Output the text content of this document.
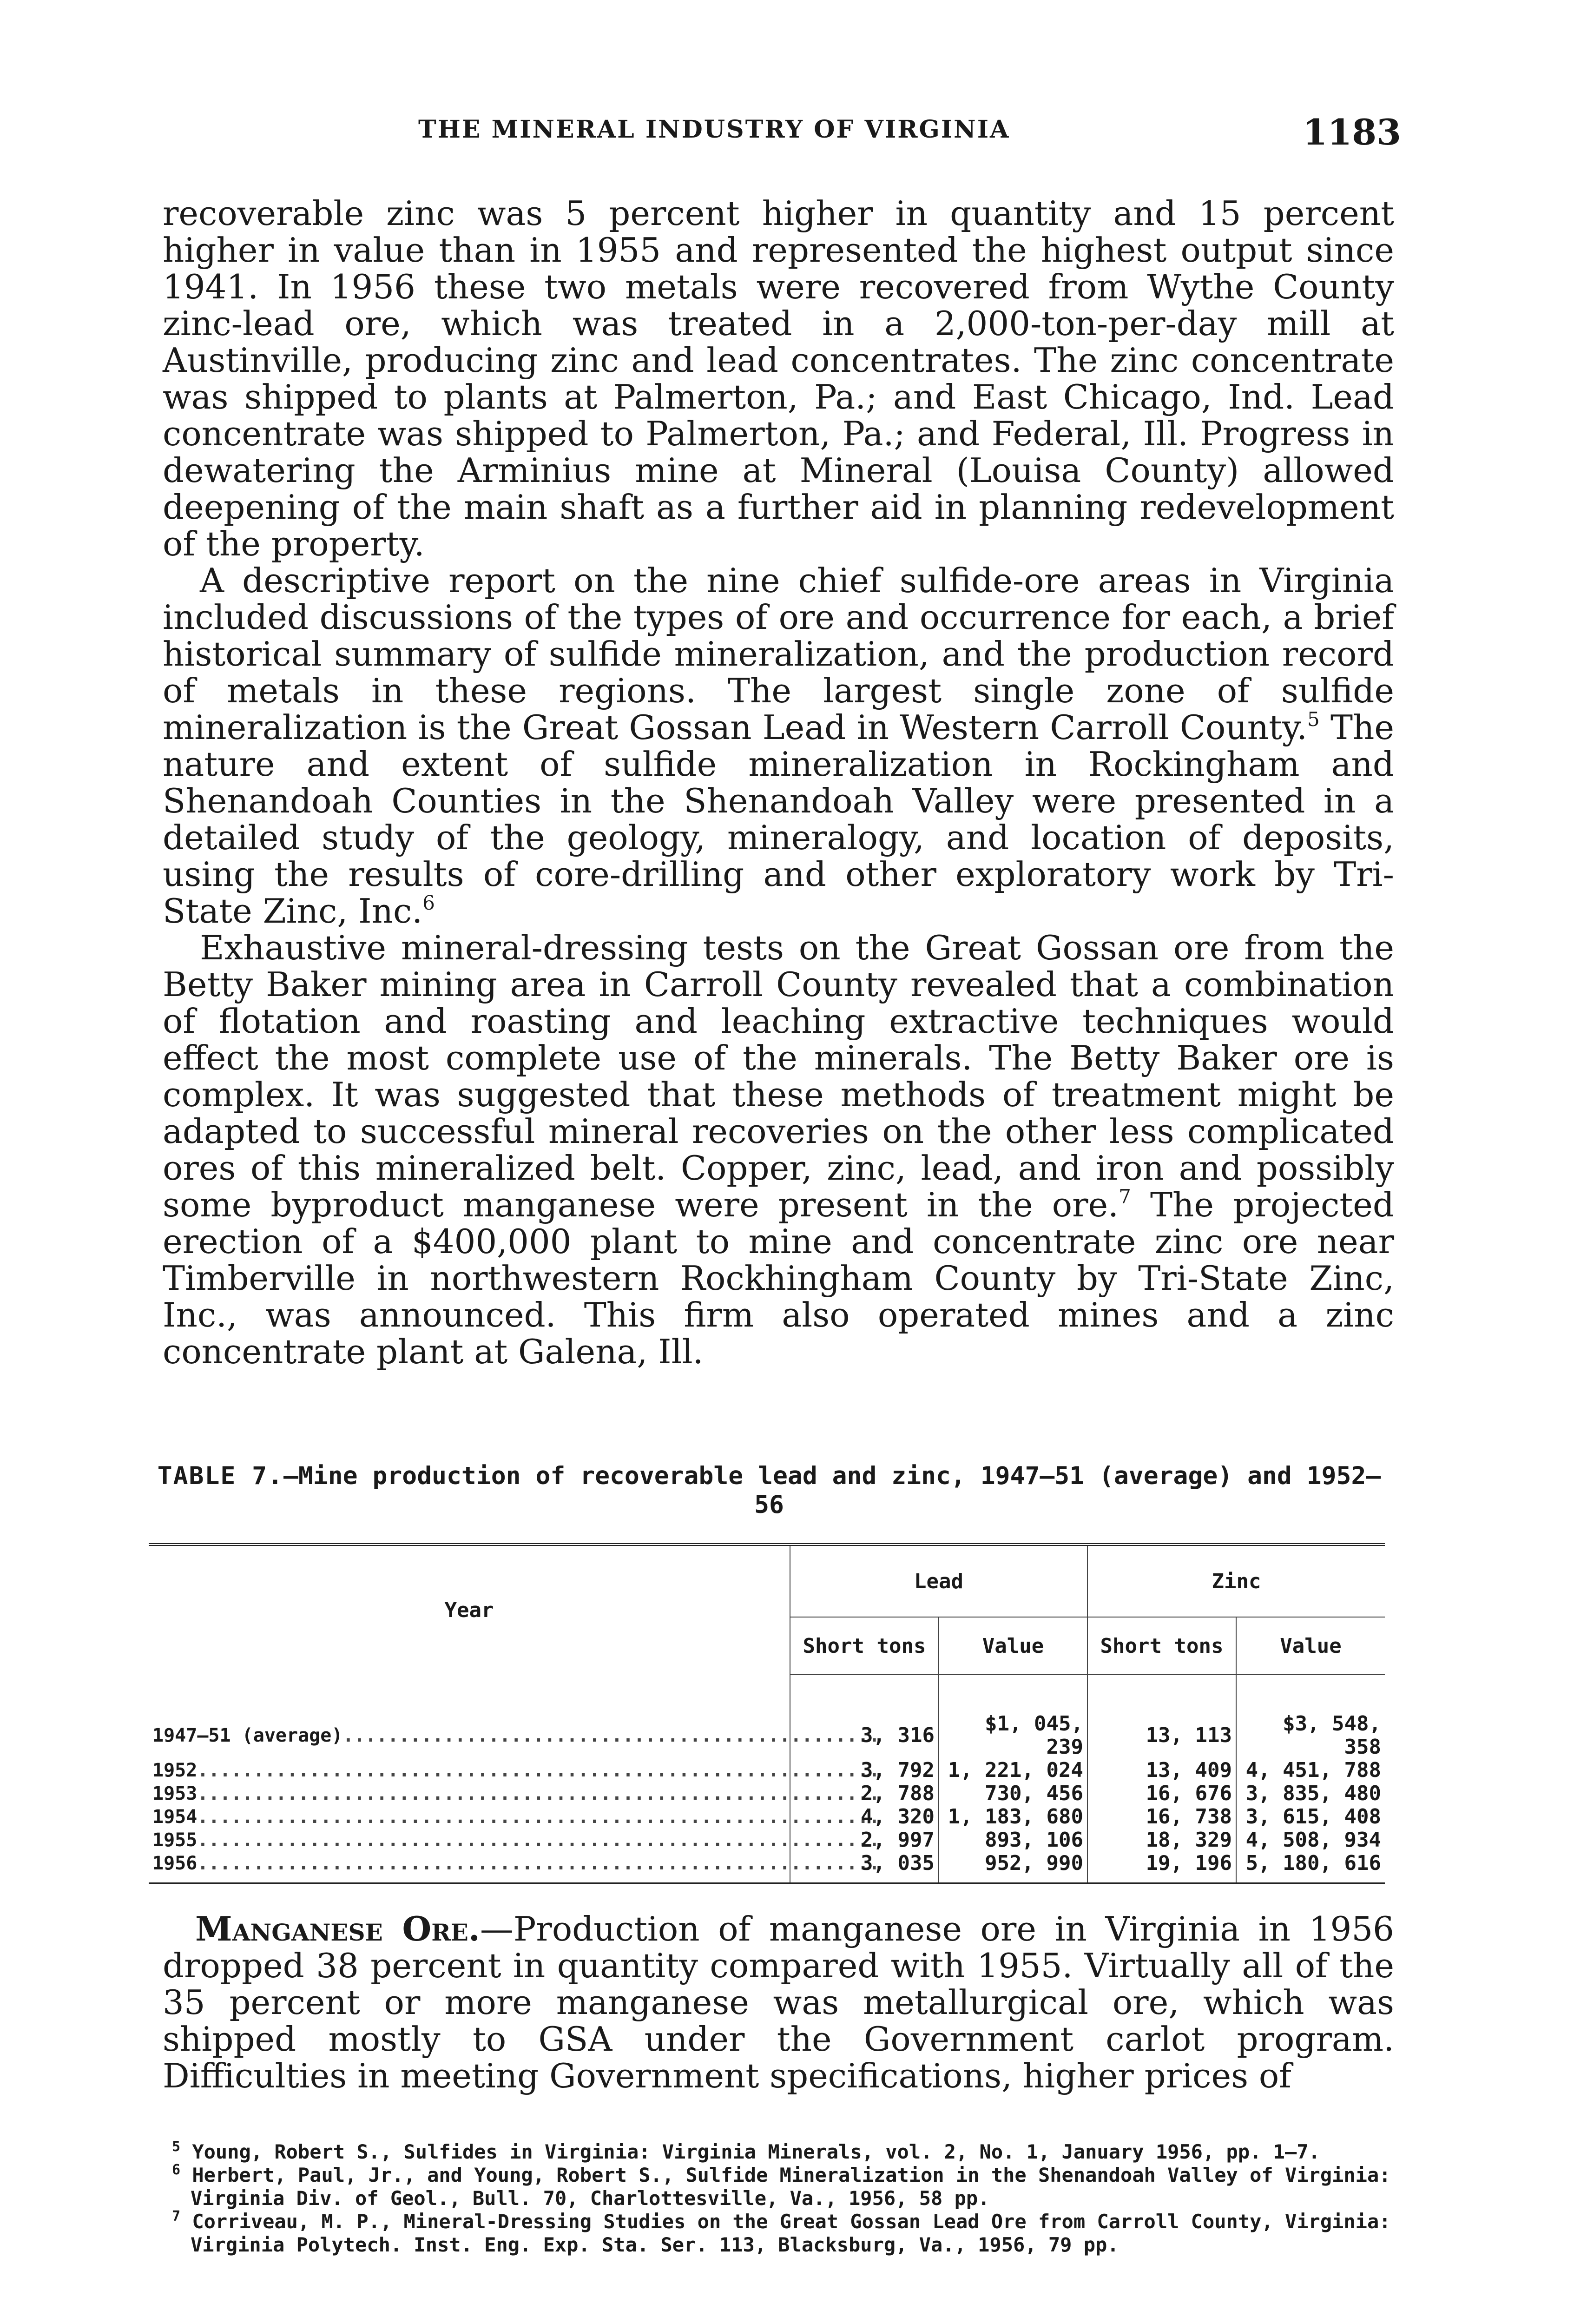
THE MINERAL INDUSTRY OF VIRGINIA	1183

recoverable zinc was 5 percent higher in quantity and 15 percent higher in value than in 1955 and represented the highest output since 1941. In 1956 these two metals were recovered from Wythe County zinc-lead ore, which was treated in a 2,000-ton-per-day mill at Austinville, producing zinc and lead concentrates. The zinc concentrate was shipped to plants at Palmerton, Pa.; and East Chicago, Ind. Lead concentrate was shipped to Palmerton, Pa.; and Federal, Ill. Progress in dewatering the Arminius mine at Mineral (Louisa County) allowed deepening of the main shaft as a further aid in planning redevelopment of the property.

A descriptive report on the nine chief sulfide-ore areas in Virginia included discussions of the types of ore and occurrence for each, a brief historical summary of sulfide mineralization, and the production record of metals in these regions. The largest single zone of sulfide mineralization is the Great Gossan Lead in Western Carroll County.$^5$ The nature and extent of sulfide mineralization in Rockingham and Shenandoah Counties in the Shenandoah Valley were presented in a detailed study of the geology, mineralogy, and location of deposits, using the results of core-drilling and other exploratory work by Tri-State Zinc, Inc.$^6$

Exhaustive mineral-dressing tests on the Great Gossan ore from the Betty Baker mining area in Carroll County revealed that a combination of flotation and roasting and leaching extractive techniques would effect the most complete use of the minerals. The Betty Baker ore is complex. It was suggested that these methods of treatment might be adapted to successful mineral recoveries on the other less complicated ores of this mineralized belt. Copper, zinc, lead, and iron and possibly some byproduct manganese were present in the ore.$^7$ The projected erection of a $400,000 plant to mine and concentrate zinc ore near Timberville in northwestern Rockhingham County by Tri-State Zinc, Inc., was announced. This firm also operated mines and a zinc concentrate plant at Galena, Ill.

TABLE 7.—Mine production of recoverable lead and zinc, 1947–51 (average) and 1952–56
Year	Lead		Zinc	
	Short tons	Value	Short tons	Value
1947–51 (average)................................................	3, 316	$1, 045, 239	13, 113	$3, 548, 358
1952.............................................................	3, 792	1, 221, 024	13, 409	4, 451, 788
1953.............................................................	2, 788	730, 456	16, 676	3, 835, 480
1954.............................................................	4, 320	1, 183, 680	16, 738	3, 615, 408
1955.............................................................	2, 997	893, 106	18, 329	4, 508, 934
1956.............................................................	3, 035	952, 990	19, 196	5, 180, 616

Manganese Ore.—Production of manganese ore in Virginia in 1956 dropped 38 percent in quantity compared with 1955. Virtually all of the 35 percent or more manganese was metallurgical ore, which was shipped mostly to GSA under the Government carlot program. Difficulties in meeting Government specifications, higher prices of

$^5$ Young, Robert S., Sulfides in Virginia: Virginia Minerals, vol. 2, No. 1, January 1956, pp. 1–7.

$^6$ Herbert, Paul, Jr., and Young, Robert S., Sulfide Mineralization in the Shenandoah Valley of Virginia: Virginia Div. of Geol., Bull. 70, Charlottesville, Va., 1956, 58 pp.

$^7$ Corriveau, M. P., Mineral-Dressing Studies on the Great Gossan Lead Ore from Carroll County, Virginia: Virginia Polytech. Inst. Eng. Exp. Sta. Ser. 113, Blacksburg, Va., 1956, 79 pp.
